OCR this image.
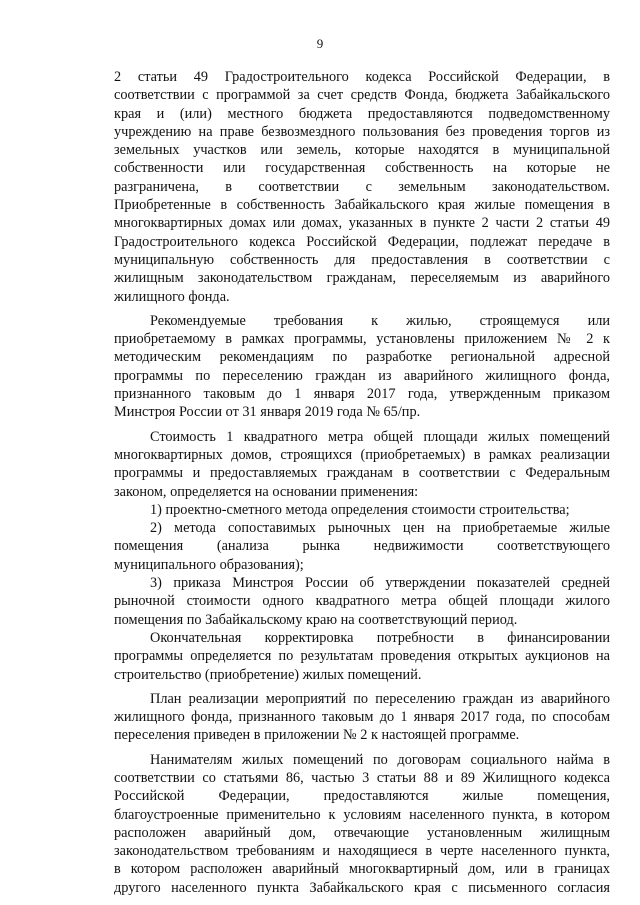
9
2 статьи 49 Градостроительного кодекса Российской Федерации, в
соответствии с программой за счет средств Фонда, бюджета Забайкальского
края и (или) местного бюджета предоставляются подведомственному
учреждению на праве безвозмездного пользования без проведения торгов из
земельных участков или земель, которые находятся в муниципальной
собственности или государственная собственность на которые не
разграничена, в соответствии с земельным законодательством.
Приобретенные в собственность Забайкальского края жилые помещения в
многоквартирных домах или домах, указанных в пункте 2 части 2 статьи 49
Градостроительного кодекса Российской Федерации, подлежат передаче в
муниципальную собственность для предоставления в соответствии с
жилищным законодательством гражданам, переселяемым из аварийного
жилищного фонда.
Рекомендуемые требования к жилью, строящемуся или
приобретаемому в рамках программы, установлены приложением № 2 к
методическим рекомендациям по разработке региональной адресной
программы по переселению граждан из аварийного жилищного фонда,
признанного таковым до 1 января 2017 года, утвержденным приказом
Минстроя России от 31 января 2019 года № 65/пр.
Стоимость 1 квадратного метра общей площади жилых помещений
многоквартирных домов, строящихся (приобретаемых) в рамках реализации
программы и предоставляемых гражданам в соответствии с Федеральным
законом, определяется на основании применения:
1) проектно-сметного метода определения стоимости строительства;
2) метода сопоставимых рыночных цен на приобретаемые жилые
помещения (анализа рынка недвижимости соответствующего
муниципального образования);
3) приказа Минстроя России об утверждении показателей средней
рыночной стоимости одного квадратного метра общей площади жилого
помещения по Забайкальскому краю на соответствующий период.
Окончательная корректировка потребности в финансировании
программы определяется по результатам проведения открытых аукционов на
строительство (приобретение) жилых помещений.
План реализации мероприятий по переселению граждан из аварийного
жилищного фонда, признанного таковым до 1 января 2017 года, по способам
переселения приведен в приложении № 2 к настоящей программе.
Нанимателям жилых помещений по договорам социального найма в
соответствии со статьями 86, частью 3 статьи 88 и 89 Жилищного кодекса
Российской Федерации, предоставляются жилые помещения,
благоустроенные применительно к условиям населенного пункта, в котором
расположен аварийный дом, отвечающие установленным жилищным
законодательством требованиям и находящиеся в черте населенного пункта,
в котором расположен аварийный многоквартирный дом, или в границах
другого населенного пункта Забайкальского края с письменного согласия
